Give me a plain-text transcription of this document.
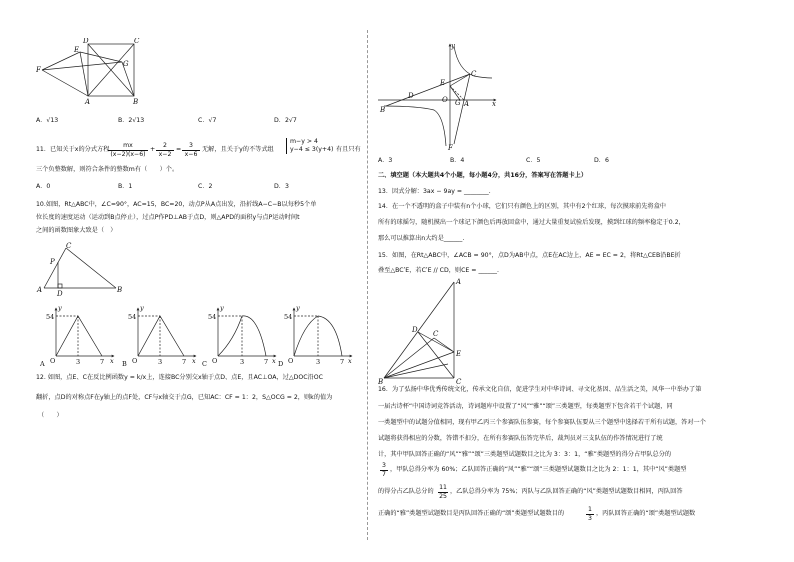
F
E
D	C
G
A	B
A．√13	B．2√13	C．√7	D．2√7
11．已知关于x的分式方程
$\frac{mx}{(x-2)(x-6)} + \frac{2}{x-2} = \frac{3}{x-6}$ 无解，且关于y的不等式组
m−y > 4
y−4 ≤ 3(y+4) 有且只有
三个负整数解，则符合条件的整数m有（　　）个。
A．0	B．1	C．2	D．3
10.如图，Rt△ABC中，∠C=90°，AC=15，BC=20，动点P从A点出发，沿折线A−C−B以每秒5个单
位长度的速度运动（运动到B点停止），过点P作PD⊥AB于点D，则△APD的面积y与点P运动时间t
之间的函数图象大致是（　）
A	B
C
P
D
54
O	3	7
y
x
54
O	3	7
y
x
54
O	3	7
y
x
54
O	3	7
y
x
A	B	C	D
12. 如图，点E、C在反比例函数y = k/x上，连接BC分别交x轴于点D、点E，且AC⊥OA，过△DOC沿OC
翻折，点D的对称点F在y轴上的点F处，CF与x轴交于点G，已知AC：CF = 1：2，S△OCG = 2，则k的值为
（　　）
y
x
D
E
C
O G A
B
F
A．3	B．4	C．5	D．6
二、填空题（本大题共4个小题，每小题4分，共16分，答案写在答题卡上）
13．因式分解：3ax − 9ay = ________.
14．在一个不透明的盒子中装有n个小球，它们只有颜色上的区别，其中有2个红球，每次摸球前先将盒中
所有的球摇匀，随机摸出一个球记下颜色后再放回盒中，通过大量重复试验后发现，摸到红球的频率稳定于0.2，
那么可以推算出n大约是______.
15．如图，在Rt△ABC中，∠ACB = 90°，点D为AB中点，点E在AC边上，AE = EC = 2，将Rt△CEB沿BE折
叠至△BCʹE，若CʹE // CD，则CE = ______.
A
B	C
D C
E
16．为了弘扬中华优秀传统文化，传承文化自信，促进学生对中华诗词、寻文化基因、品生活之美，风华一中举办了第
一届古诗杯“中国诗词竞答活动，诗词题库中设置了“风”“雅”“颂”三类题型，每类题型下包含若干个试题，同
一类题型中的试题分值相同，现有甲乙丙三个参赛队伍参赛，每个参赛队伍要从三个题型中选择若干所有试题，答对一个
试题将获得相应的分数，答错不扣分，在所有参赛队伍答完毕后，裁判员对三支队伍的作答情况进行了统
计，其中甲队回答正确的“风”“雅”“颂”三类题型试题数目之比为 3：3：1，“雅”类题型的得分占甲队总分的
$\frac{3}{7}$ ，甲队总得分率为 60%；乙队回答正确的“风”“雅”“颂”三类题型试题数目之比为 2：1：1，其中“风”类题型
的得分占乙队总分的 $\frac{11}{25}$ ，乙队总得分率为 75%；丙队与乙队回答正确的“风”类题型试题数目相同，丙队回答
正确的“雅”类题型试题数目是丙队回答正确的“颂”类题型试题数目的	$\frac{1}{3}$ ，丙队回答正确的“颂”类题型试题数
